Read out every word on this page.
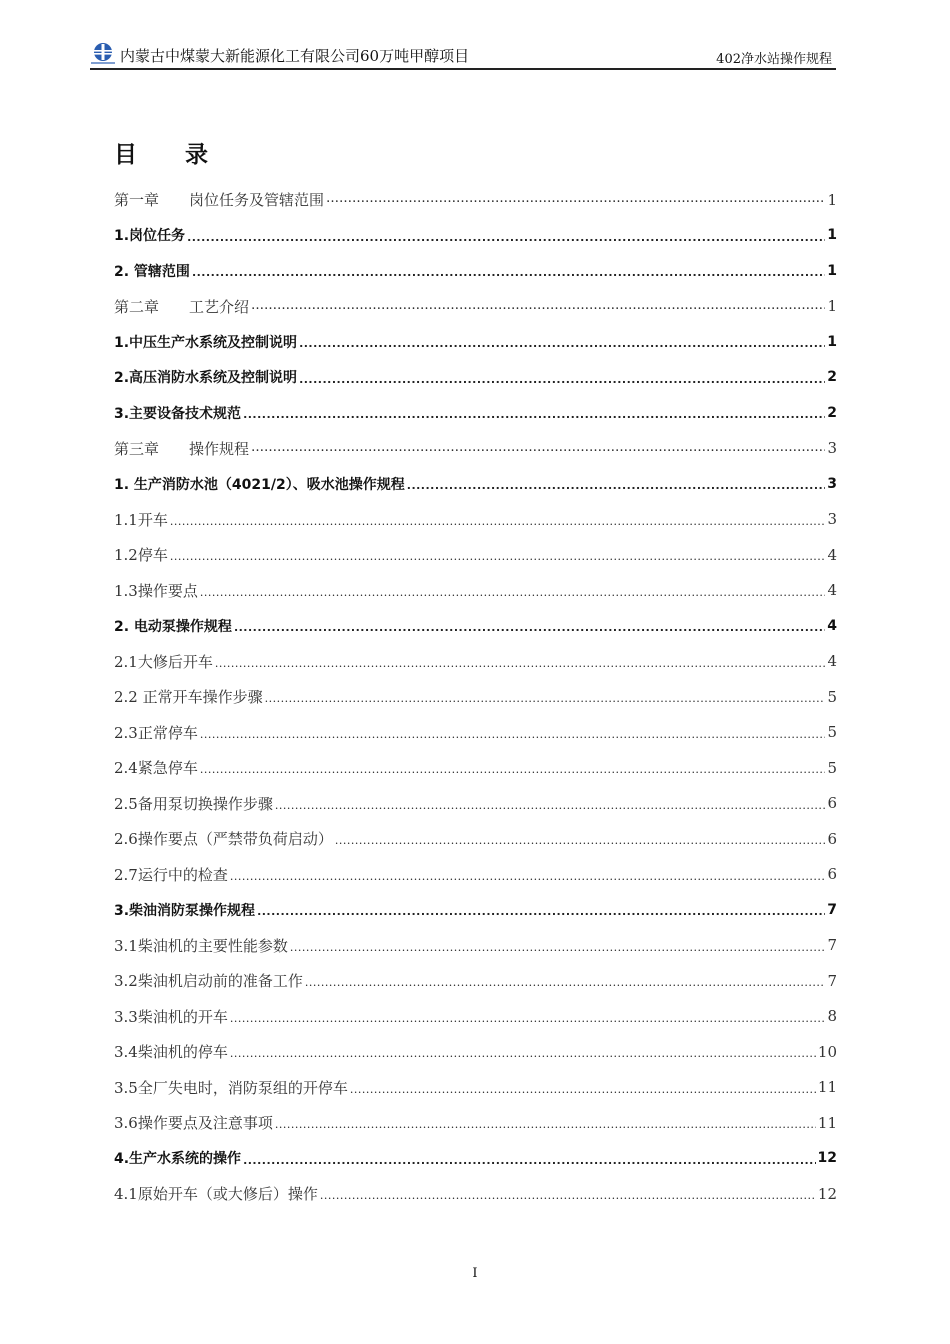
内蒙古中煤蒙大新能源化工有限公司60万吨甲醇项目	402净水站操作规程
目 录
第一章 岗位任务及管辖范围 ……………………………………………………………………………………………………………………………………………………	1
1.岗位任务 .....	1
2. 管辖范围 .....	1
第二章 工艺介绍 ……………………………………………………………………………………………………………………………………………………	1
1.中压生产水系统及控制说明 .....	1
2.高压消防水系统及控制说明 .....	2
3.主要设备技术规范 .....	2
第三章 操作规程 ……………………………………………………………………………………………………………………………………………………	3
1. 生产消防水池（4021/2）、吸水池操作规程 .....	3
1.1开车 .....	3
1.2停车 .....	4
1.3操作要点 .....	4
2. 电动泵操作规程 .....	4
2.1大修后开车 .....	4
2.2 正常开车操作步骤 .....	5
2.3正常停车 .....	5
2.4紧急停车 .....	5
2.5备用泵切换操作步骤 .....	6
2.6操作要点（严禁带负荷启动） .....	6
2.7运行中的检查 .....	6
3.柴油消防泵操作规程 .....	7
3.1柴油机的主要性能参数 .....	7
3.2柴油机启动前的准备工作 .....	7
3.3柴油机的开车 .....	8
3.4柴油机的停车 .....	10
3.5全厂失电时，消防泵组的开停车 .....	11
3.6操作要点及注意事项 .....	11
4.生产水系统的操作 .....	12
4.1原始开车（或大修后）操作 .....	12
I
